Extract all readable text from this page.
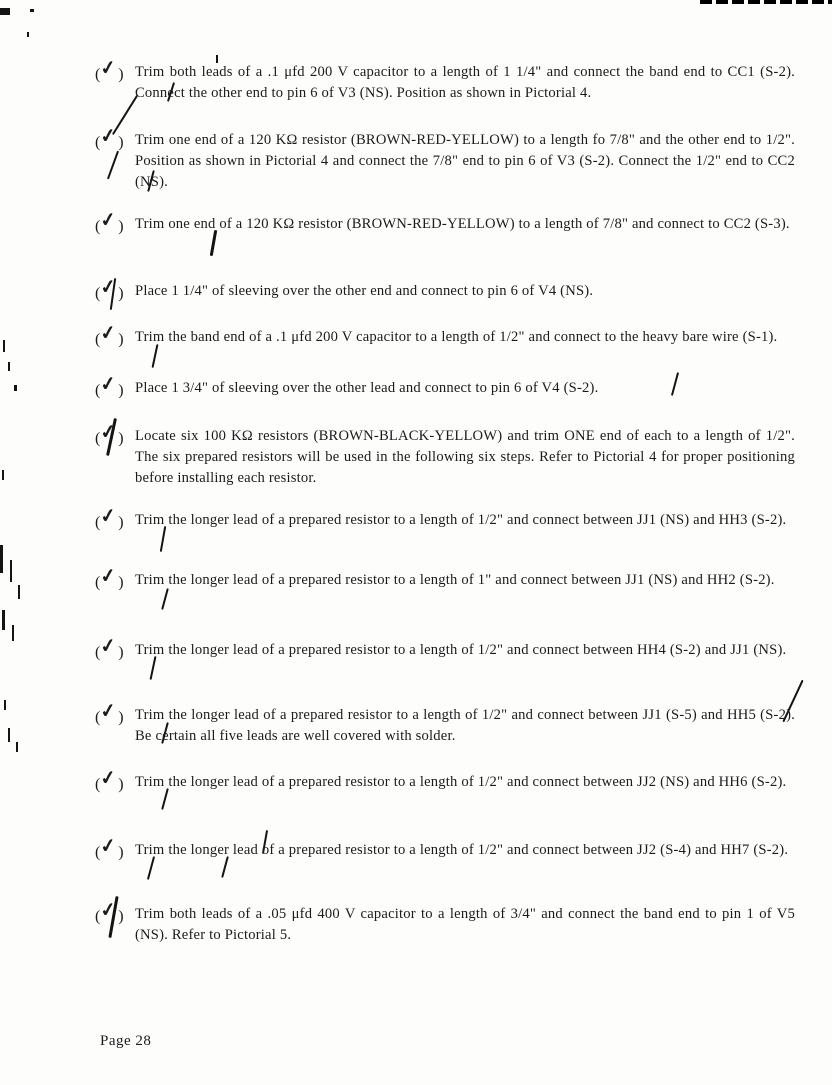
(✓) Trim both leads of a .1 μfd 200 V capacitor to a length of 1 1/4" and connect the band end to CC1 (S-2). Connect the other end to pin 6 of V3 (NS). Position as shown in Pictorial 4.
(✓) Trim one end of a 120 KΩ resistor (BROWN-RED-YELLOW) to a length fo 7/8" and the other end to 1/2". Position as shown in Pictorial 4 and connect the 7/8" end to pin 6 of V3 (S-2). Connect the 1/2" end to CC2 (NS).
(✓) Trim one end of a 120 KΩ resistor (BROWN-RED-YELLOW) to a length of 7/8" and connect to CC2 (S-3).
(✓) Place 1 1/4" of sleeving over the other end and connect to pin 6 of V4 (NS).
(✓) Trim the band end of a .1 μfd 200 V capacitor to a length of 1/2" and connect to the heavy bare wire (S-1).
(✓) Place 1 3/4" of sleeving over the other lead and connect to pin 6 of V4 (S-2).
(✓) Locate six 100 KΩ resistors (BROWN-BLACK-YELLOW) and trim ONE end of each to a length of 1/2". The six prepared resistors will be used in the following six steps. Refer to Pictorial 4 for proper positioning before installing each resistor.
(✓) Trim the longer lead of a prepared resistor to a length of 1/2" and connect between JJ1 (NS) and HH3 (S-2).
(✓) Trim the longer lead of a prepared resistor to a length of 1" and connect between JJ1 (NS) and HH2 (S-2).
(✓) Trim the longer lead of a prepared resistor to a length of 1/2" and connect between HH4 (S-2) and JJ1 (NS).
(✓) Trim the longer lead of a prepared resistor to a length of 1/2" and connect between JJ1 (S-5) and HH5 (S-2). Be certain all five leads are well covered with solder.
(✓) Trim the longer lead of a prepared resistor to a length of 1/2" and connect between JJ2 (NS) and HH6 (S-2).
(✓) Trim the longer lead of a prepared resistor to a length of 1/2" and connect between JJ2 (S-4) and HH7 (S-2).
(✓) Trim both leads of a .05 μfd 400 V capacitor to a length of 3/4" and connect the band end to pin 1 of V5 (NS). Refer to Pictorial 5.
Page 28
